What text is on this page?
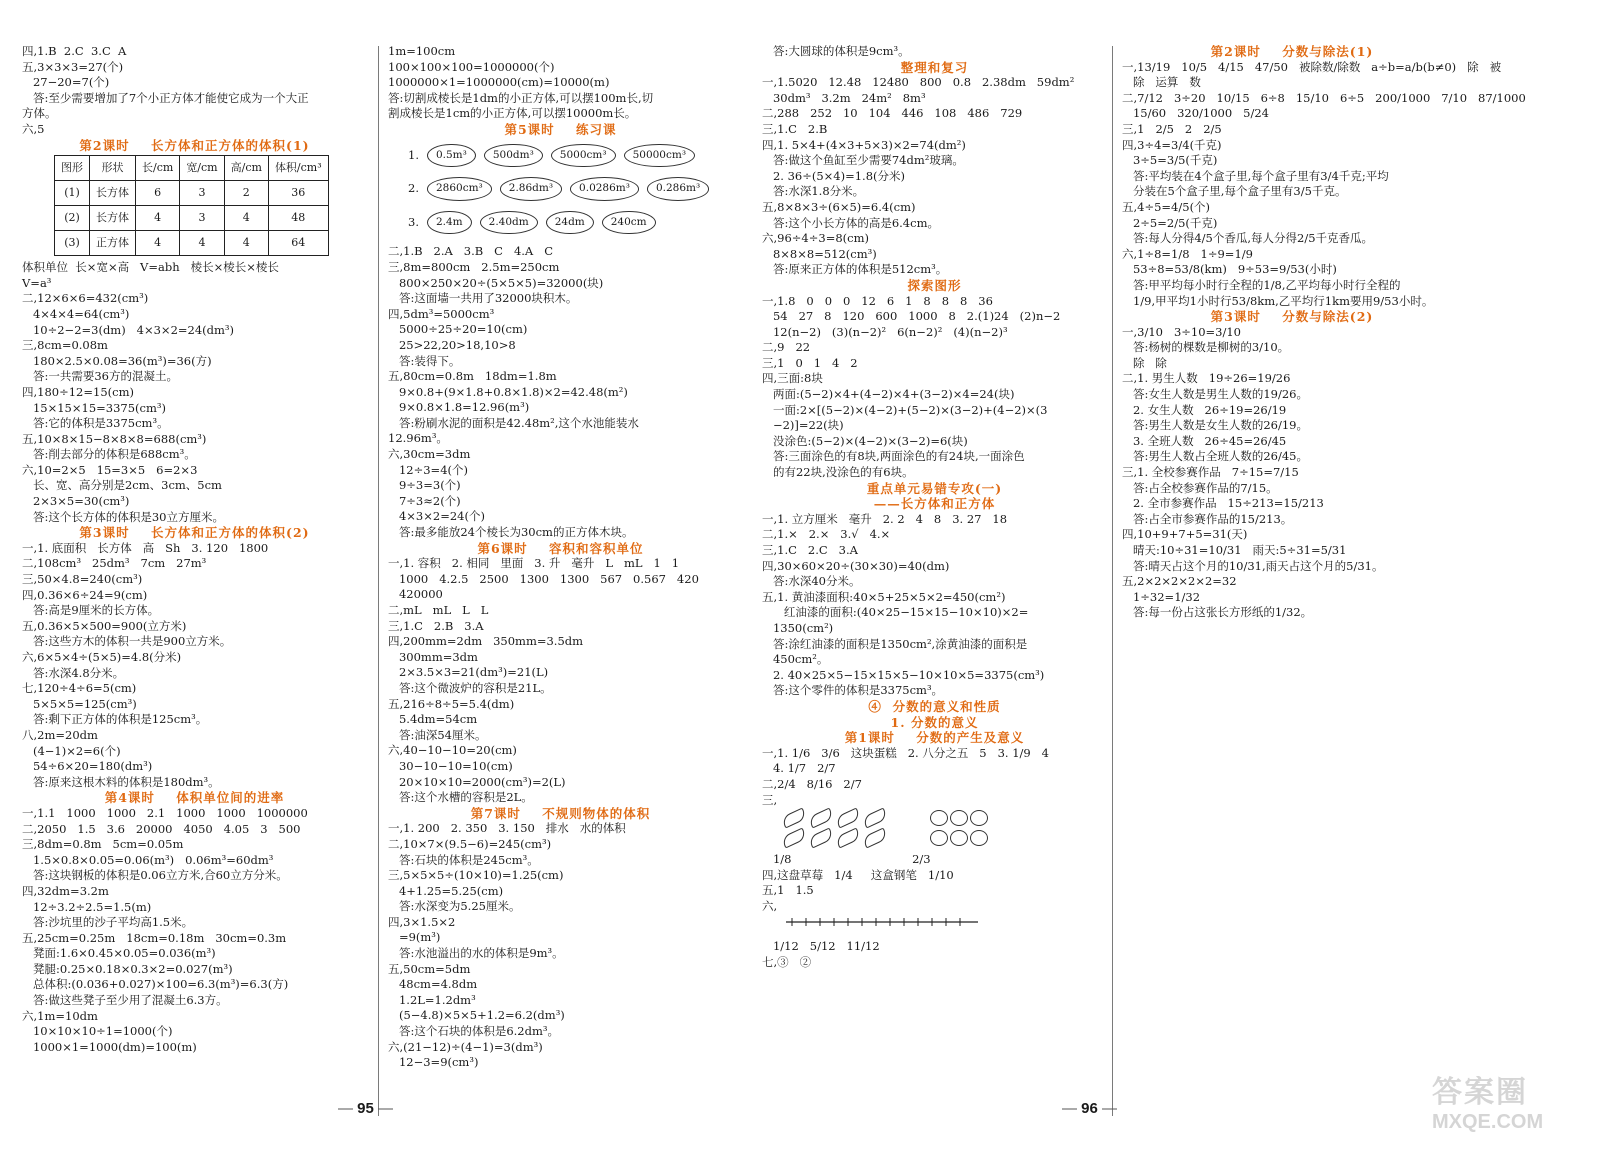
四,1.B  2.C  3.C  A
五,3×3×3=27(个)
27−20=7(个)
答:至少需要增加了7个小正方体才能使它成为一个大正
方体。
六,5
第2课时    长方体和正方体的体积(1)
图形	形状	长/cm	宽/cm	高/cm	体积/cm³
(1)	长方体	6	3	2	36
(2)	长方体	4	3	4	48
(3)	正方体	4	4	4	64
体积单位  长×宽×高   V=abh   棱长×棱长×棱长
V=a³
二,12×6×6=432(cm³)
4×4×4=64(cm³)
10÷2−2=3(dm)   4×3×2=24(dm³)
三,8cm=0.08m
180×2.5×0.08=36(m³)=36(方)
答:一共需要36方的混凝土。
四,180÷12=15(cm)
15×15×15=3375(cm³)
答:它的体积是3375cm³。
五,10×8×15−8×8×8=688(cm³)
答:削去部分的体积是688cm³。
六,10=2×5   15=3×5   6=2×3
长、宽、高分别是2cm、3cm、5cm
2×3×5=30(cm³)
答:这个长方体的体积是30立方厘米。
第3课时    长方体和正方体的体积(2)
一,1. 底面积   长方体   高   Sh   3. 120   1800
二,108cm³   25dm³   7cm   27m³
三,50×4.8=240(cm³)
四,0.36×6÷24=9(cm)
答:高是9厘米的长方体。
五,0.36×5×500=900(立方米)
答:这些方木的体积一共是900立方米。
六,6×5×4÷(5×5)=4.8(分米)
答:水深4.8分米。
七,120÷4÷6=5(cm)
5×5×5=125(cm³)
答:剩下正方体的体积是125cm³。
八,2m=20dm
(4−1)×2=6(个)
54÷6×20=180(dm³)
答:原来这根木料的体积是180dm³。
第4课时    体积单位间的进率
一,1.1   1000   1000   2.1   1000   1000   1000000
二,2050   1.5   3.6   20000   4050   4.05   3   500
三,8dm=0.8m   5cm=0.05m
1.5×0.8×0.05=0.06(m³)   0.06m³=60dm³
答:这块钢板的体积是0.06立方米,合60立方分米。
四,32dm=3.2m
12÷3.2÷2.5=1.5(m)
答:沙坑里的沙子平均高1.5米。
五,25cm=0.25m   18cm=0.18m   30cm=0.3m
凳面:1.6×0.45×0.05=0.036(m³)
凳腿:0.25×0.18×0.3×2=0.027(m³)
总体积:(0.036+0.027)×100=6.3(m³)=6.3(方)
答:做这些凳子至少用了混凝土6.3方。
六,1m=10dm
10×10×10÷1=1000(个)
1000×1=1000(dm)=100(m)
1m=100cm
100×100×100=1000000(个)
1000000×1=1000000(cm)=10000(m)
答:切割成棱长是1dm的小正方体,可以摆100m长,切
割成棱长是1cm的小正方体,可以摆10000m长。
第5课时    练习课
1.	0.5m³	500dm³	5000cm³	50000cm³
2.	2860cm³	2.86dm³	0.0286m³	0.286m³
3.	2.4m	2.40dm	24dm	240cm
二,1.B   2.A   3.B   C   4.A   C
三,8m=800cm   2.5m=250cm
800×250×20÷(5×5×5)=32000(块)
答:这面墙一共用了32000块积木。
四,5dm³=5000cm³
5000÷25÷20=10(cm)
25>22,20>18,10>8
答:装得下。
五,80cm=0.8m   18dm=1.8m
9×0.8+(9×1.8+0.8×1.8)×2=42.48(m²)
9×0.8×1.8=12.96(m³)
答:粉刷水泥的面积是42.48m²,这个水池能装水
12.96m³。
六,30cm=3dm
12÷3=4(个)
9÷3=3(个)
7÷3≈2(个)
4×3×2=24(个)
答:最多能放24个棱长为30cm的正方体木块。
第6课时    容积和容积单位
一,1. 容积   2. 相同   里面   3. 升   毫升   L   mL   1   1
1000   4.2.5   2500   1300   1300   567   0.567   420
420000
二,mL   mL   L   L
三,1.C   2.B   3.A
四,200mm=2dm   350mm=3.5dm
300mm=3dm
2×3.5×3=21(dm³)=21(L)
答:这个微波炉的容积是21L。
五,216÷8÷5=5.4(dm)
5.4dm=54cm
答:油深54厘米。
六,40−10−10=20(cm)
30−10−10=10(cm)
20×10×10=2000(cm³)=2(L)
答:这个水槽的容积是2L。
第7课时    不规则物体的体积
一,1. 200   2. 350   3. 150   排水   水的体积
二,10×7×(9.5−6)=245(cm³)
答:石块的体积是245cm³。
三,5×5×5÷(10×10)=1.25(cm)
4+1.25=5.25(cm)
答:水深变为5.25厘米。
四,3×1.5×2
=9(m³)
答:水池溢出的水的体积是9m³。
五,50cm=5dm
48cm=4.8dm
1.2L=1.2dm³
(5−4.8)×5×5+1.2=6.2(dm³)
答:这个石块的体积是6.2dm³。
六,(21−12)÷(4−1)=3(dm³)
12−3=9(cm³)
答:大圆球的体积是9cm³。
整理和复习
一,1.5020   12.48   12480   800   0.8   2.38dm   59dm²
30dm³   3.2m   24m²   8m³
二,288   252   10   104   446   108   486   729
三,1.C   2.B
四,1. 5×4+(4×3+5×3)×2=74(dm²)
答:做这个鱼缸至少需要74dm²玻璃。
2. 36÷(5×4)=1.8(分米)
答:水深1.8分米。
五,8×8×3÷(6×5)=6.4(cm)
答:这个小长方体的高是6.4cm。
六,96÷4÷3=8(cm)
8×8×8=512(cm³)
答:原来正方体的体积是512cm³。
探索图形
一,1.8   0   0   0   12   6   1   8   8   8   36
54   27   8   120   600   1000   8   2.(1)24   (2)n−2
12(n−2)   (3)(n−2)²   6(n−2)²   (4)(n−2)³
二,9   22
三,1   0   1   4   2
四,三面:8块
两面:(5−2)×4+(4−2)×4+(3−2)×4=24(块)
一面:2×[(5−2)×(4−2)+(5−2)×(3−2)+(4−2)×(3
−2)]=22(块)
没涂色:(5−2)×(4−2)×(3−2)=6(块)
答:三面涂色的有8块,两面涂色的有24块,一面涂色
的有22块,没涂色的有6块。
重点单元易错专攻(一)
——长方体和正方体
一,1. 立方厘米   毫升   2. 2   4   8   3. 27   18
二,1.×   2.×   3.√   4.×
三,1.C   2.C   3.A
四,30×60×20÷(30×30)=40(dm)
答:水深40分米。
五,1. 黄油漆面积:40×5+25×5×2=450(cm²)
红油漆的面积:(40×25−15×15−10×10)×2=
1350(cm²)
答:涂红油漆的面积是1350cm²,涂黄油漆的面积是
450cm²。
2. 40×25×5−15×15×5−10×10×5=3375(cm³)
答:这个零件的体积是3375cm³。
④  分数的意义和性质
1. 分数的意义
第1课时    分数的产生及意义
一,1. 1/6   3/6   这块蛋糕   2. 八分之五   5   3. 1/9   4
4. 1/7   2/7
二,2/4   8/16   2/7
三,
1/8                                 2/3
四,这盘草莓   1/4     这盒钢笔   1/10
五,1   1.5
六,
1/12   5/12   11/12
七,③   ②
第2课时    分数与除法(1)
一,13/19   10/5   4/15   47/50   被除数/除数   a÷b=a/b(b≠0)   除   被
除   运算   数
二,7/12   3÷20   10/15   6÷8   15/10   6÷5   200/1000   7/10   87/1000
15/60   320/1000   5/24
三,1   2/5   2   2/5
四,3÷4=3/4(千克)
3÷5=3/5(千克)
答:平均装在4个盒子里,每个盒子里有3/4千克;平均
分装在5个盒子里,每个盒子里有3/5千克。
五,4÷5=4/5(个)
2÷5=2/5(千克)
答:每人分得4/5个香瓜,每人分得2/5千克香瓜。
六,1÷8=1/8   1÷9=1/9
53÷8=53/8(km)   9÷53=9/53(小时)
答:甲平均每小时行全程的1/8,乙平均每小时行全程的
1/9,甲平均1小时行53/8km,乙平均行1km要用9/53小时。
第3课时    分数与除法(2)
一,3/10   3÷10=3/10
答:杨树的棵数是柳树的3/10。
除   除
二,1. 男生人数   19÷26=19/26
答:女生人数是男生人数的19/26。
2. 女生人数   26÷19=26/19
答:男生人数是女生人数的26/19。
3. 全班人数   26÷45=26/45
答:男生人数占全班人数的26/45。
三,1. 全校参赛作品   7÷15=7/15
答:占全校参赛作品的7/15。
2. 全市参赛作品   15÷213=15/213
答:占全市参赛作品的15/213。
四,10+9+7+5=31(天)
晴天:10÷31=10/31   雨天:5÷31=5/31
答:晴天占这个月的10/31,雨天占这个月的5/31。
五,2×2×2×2×2=32
1÷32=1/32
答:每一份占这张长方形纸的1/32。
— 95 —	— 96 —	答案圈
MXQE.COM
